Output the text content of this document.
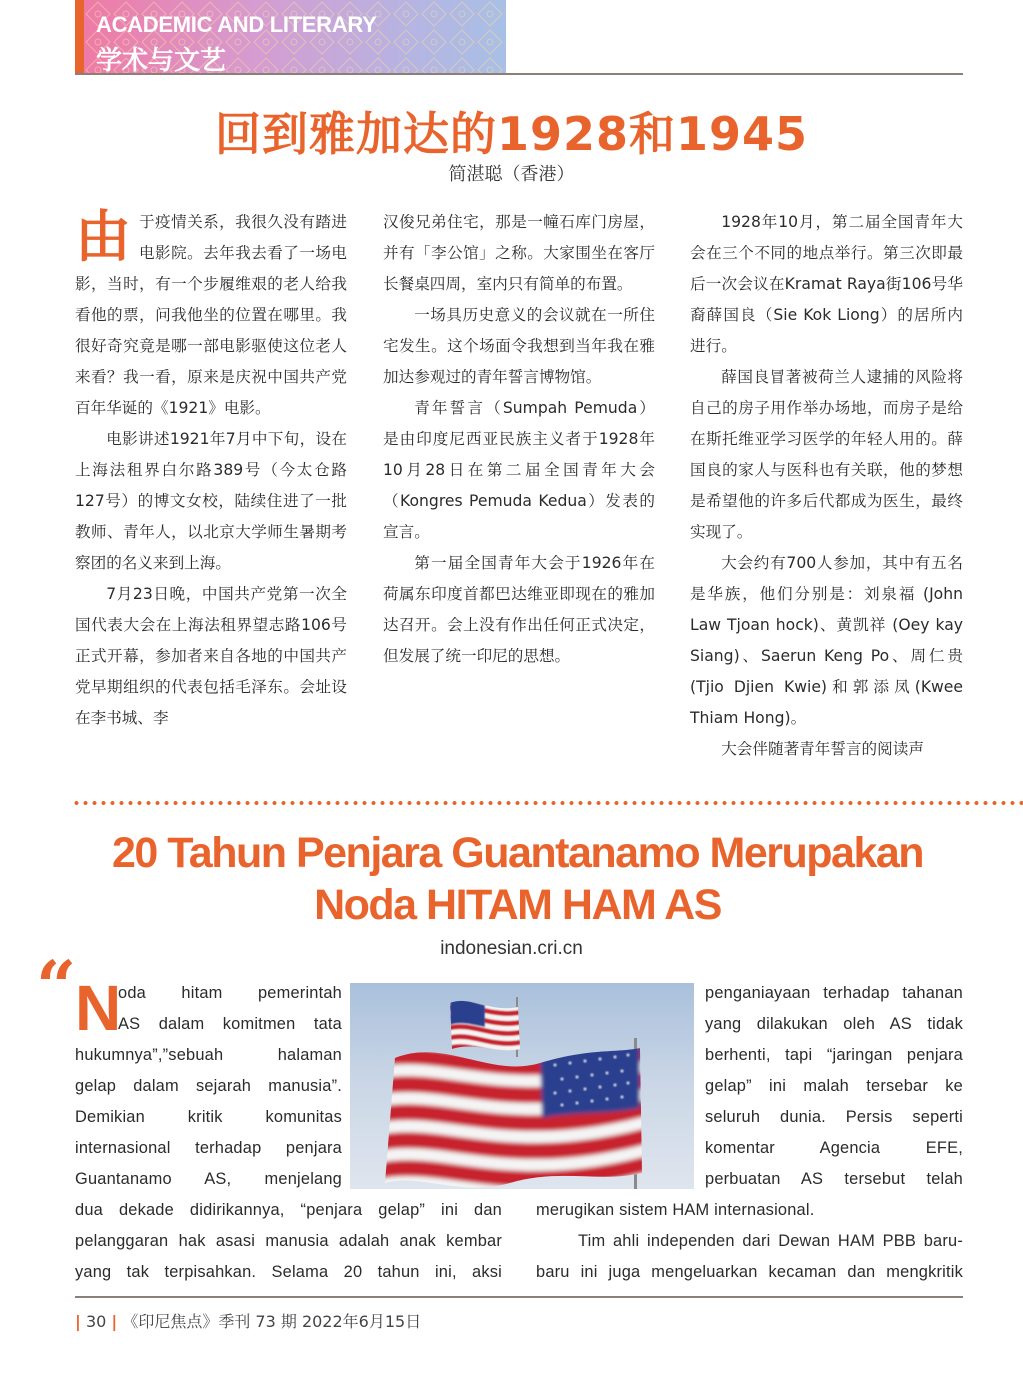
ACADEMIC AND LITERARY
学术与文艺
回到雅加达的1928和1945
简湛聪（香港）

由于疫情关系，我很久没有踏进电影院。去年我去看了一场电影，当时，有一个步履维艰的老人给我看他的票，问我他坐的位置在哪里。我很好奇究竟是哪一部电影驱使这位老人来看？我一看，原来是庆祝中国共产党百年华诞的《1921》电影。

电影讲述1921年7月中下旬，设在上海法租界白尔路389号（今太仓路127号）的博文女校，陆续住进了一批教师、青年人，以北京大学师生暑期考察团的名义来到上海。

7月23日晚，中国共产党第一次全国代表大会在上海法租界望志路106号正式开幕，参加者来自各地的中国共产党早期组织的代表包括毛泽东。会址设在李书城、李

汉俊兄弟住宅，那是一幢石库门房屋，并有「李公馆」之称。大家围坐在客厅长餐桌四周，室内只有简单的布置。

一场具历史意义的会议就在一所住宅发生。这个场面令我想到当年我在雅加达参观过的青年誓言博物馆。

青年誓言（Sumpah Pemuda）是由印度尼西亚民族主义者于1928年10月28日在第二届全国青年大会（Kongres Pemuda Kedua）发表的宣言。

第一届全国青年大会于1926年在荷属东印度首都巴达维亚即现在的雅加达召开。会上没有作出任何正式决定，但发展了统一印尼的思想。

1928年10月，第二届全国青年大会在三个不同的地点举行。第三次即最后一次会议在Kramat Raya街106号华裔薛国良（Sie Kok Liong）的居所内进行。

薛国良冒著被荷兰人逮捕的风险将自己的房子用作举办场地，而房子是给在斯托维亚学习医学的年轻人用的。薛国良的家人与医科也有关联，他的梦想是希望他的许多后代都成为医生，最终实现了。

大会约有700人参加，其中有五名是华族，他们分别是：刘泉福 (John Law Tjoan hock)、黄凯祥 (Oey kay Siang)、Saerun Keng Po、周仁贵(Tjio Djien Kwie)和郭添凤(Kwee Thiam Hong)。

大会伴随著青年誓言的阅读声

20 Tahun Penjara Guantanamo Merupakan
Noda HITAM HAM AS
indonesian.cri.cn
“
N
oda hitam pemerintah
AS dalam komitmen tata
hukumnya”,”sebuah halaman
gelap dalam sejarah manusia”.
Demikian kritik komunitas
internasional terhadap penjara
Guantanamo AS, menjelang
dua dekade didirikannya, “penjara gelap” ini dan
pelanggaran hak asasi manusia adalah anak kembar
yang tak terpisahkan. Selama 20 tahun ini, aksi
penganiayaan terhadap tahanan
yang dilakukan oleh AS tidak
berhenti, tapi “jaringan penjara
gelap” ini malah tersebar ke
seluruh dunia. Persis seperti
komentar Agencia EFE,
perbuatan AS tersebut telah
merugikan sistem HAM internasional.
Tim ahli independen dari Dewan HAM PBB baru-
baru ini juga mengeluarkan kecaman dan mengkritik
| 30 | 《印尼焦点》季刊 73 期 2022年6月15日
